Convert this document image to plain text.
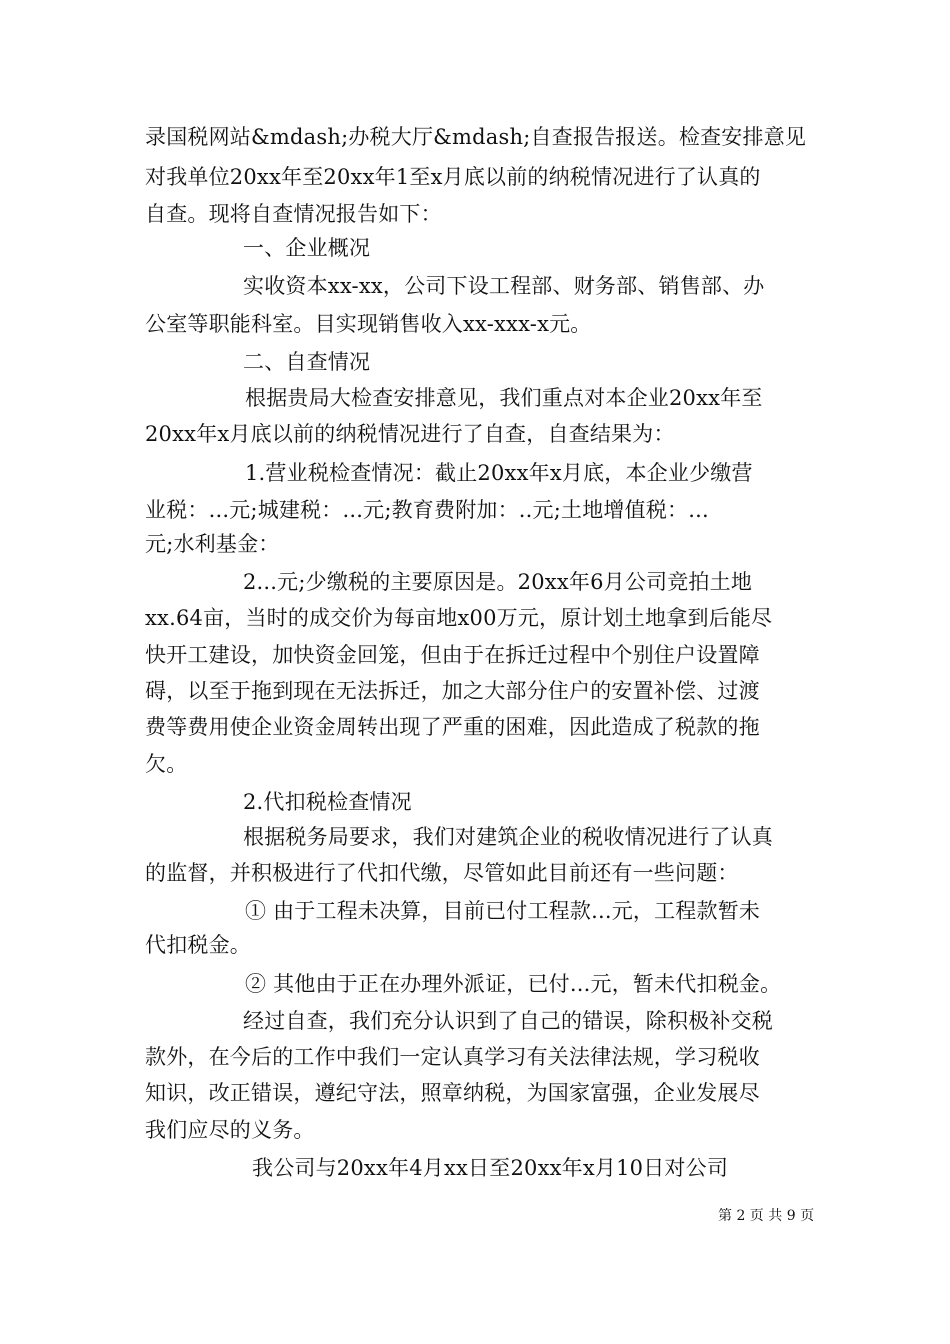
录国税网站&mdash;办税大厅&mdash;自查报告报送。检查安排意见
对我单位20xx年至20xx年1至x月底以前的纳税情况进行了认真的
自查。现将自查情况报告如下：
一、企业概况
实收资本xx-xx，公司下设工程部、财务部、销售部、办
公室等职能科室。目实现销售收入xx-xxx-x元。
二、自查情况
根据贵局大检查安排意见，我们重点对本企业20xx年至
20xx年x月底以前的纳税情况进行了自查，自查结果为：
1.营业税检查情况：截止20xx年x月底，本企业少缴营
业税：...元;城建税：...元;教育费附加：..元;土地增值税：...
元;水利基金：
2...元;少缴税的主要原因是。20xx年6月公司竞拍土地
xx.64亩，当时的成交价为每亩地x00万元，原计划土地拿到后能尽
快开工建设，加快资金回笼，但由于在拆迁过程中个别住户设置障
碍，以至于拖到现在无法拆迁，加之大部分住户的安置补偿、过渡
费等费用使企业资金周转出现了严重的困难，因此造成了税款的拖
欠。
2.代扣税检查情况
根据税务局要求，我们对建筑企业的税收情况进行了认真
的监督，并积极进行了代扣代缴，尽管如此目前还有一些问题：
① 由于工程未决算，目前已付工程款...元，工程款暂未
代扣税金。
② 其他由于正在办理外派证，已付...元，暂未代扣税金。
经过自查，我们充分认识到了自己的错误，除积极补交税
款外，在今后的工作中我们一定认真学习有关法律法规，学习税收
知识，改正错误，遵纪守法，照章纳税，为国家富强，企业发展尽
我们应尽的义务。
我公司与20xx年4月xx日至20xx年x月10日对公司
第 2 页 共 9 页
